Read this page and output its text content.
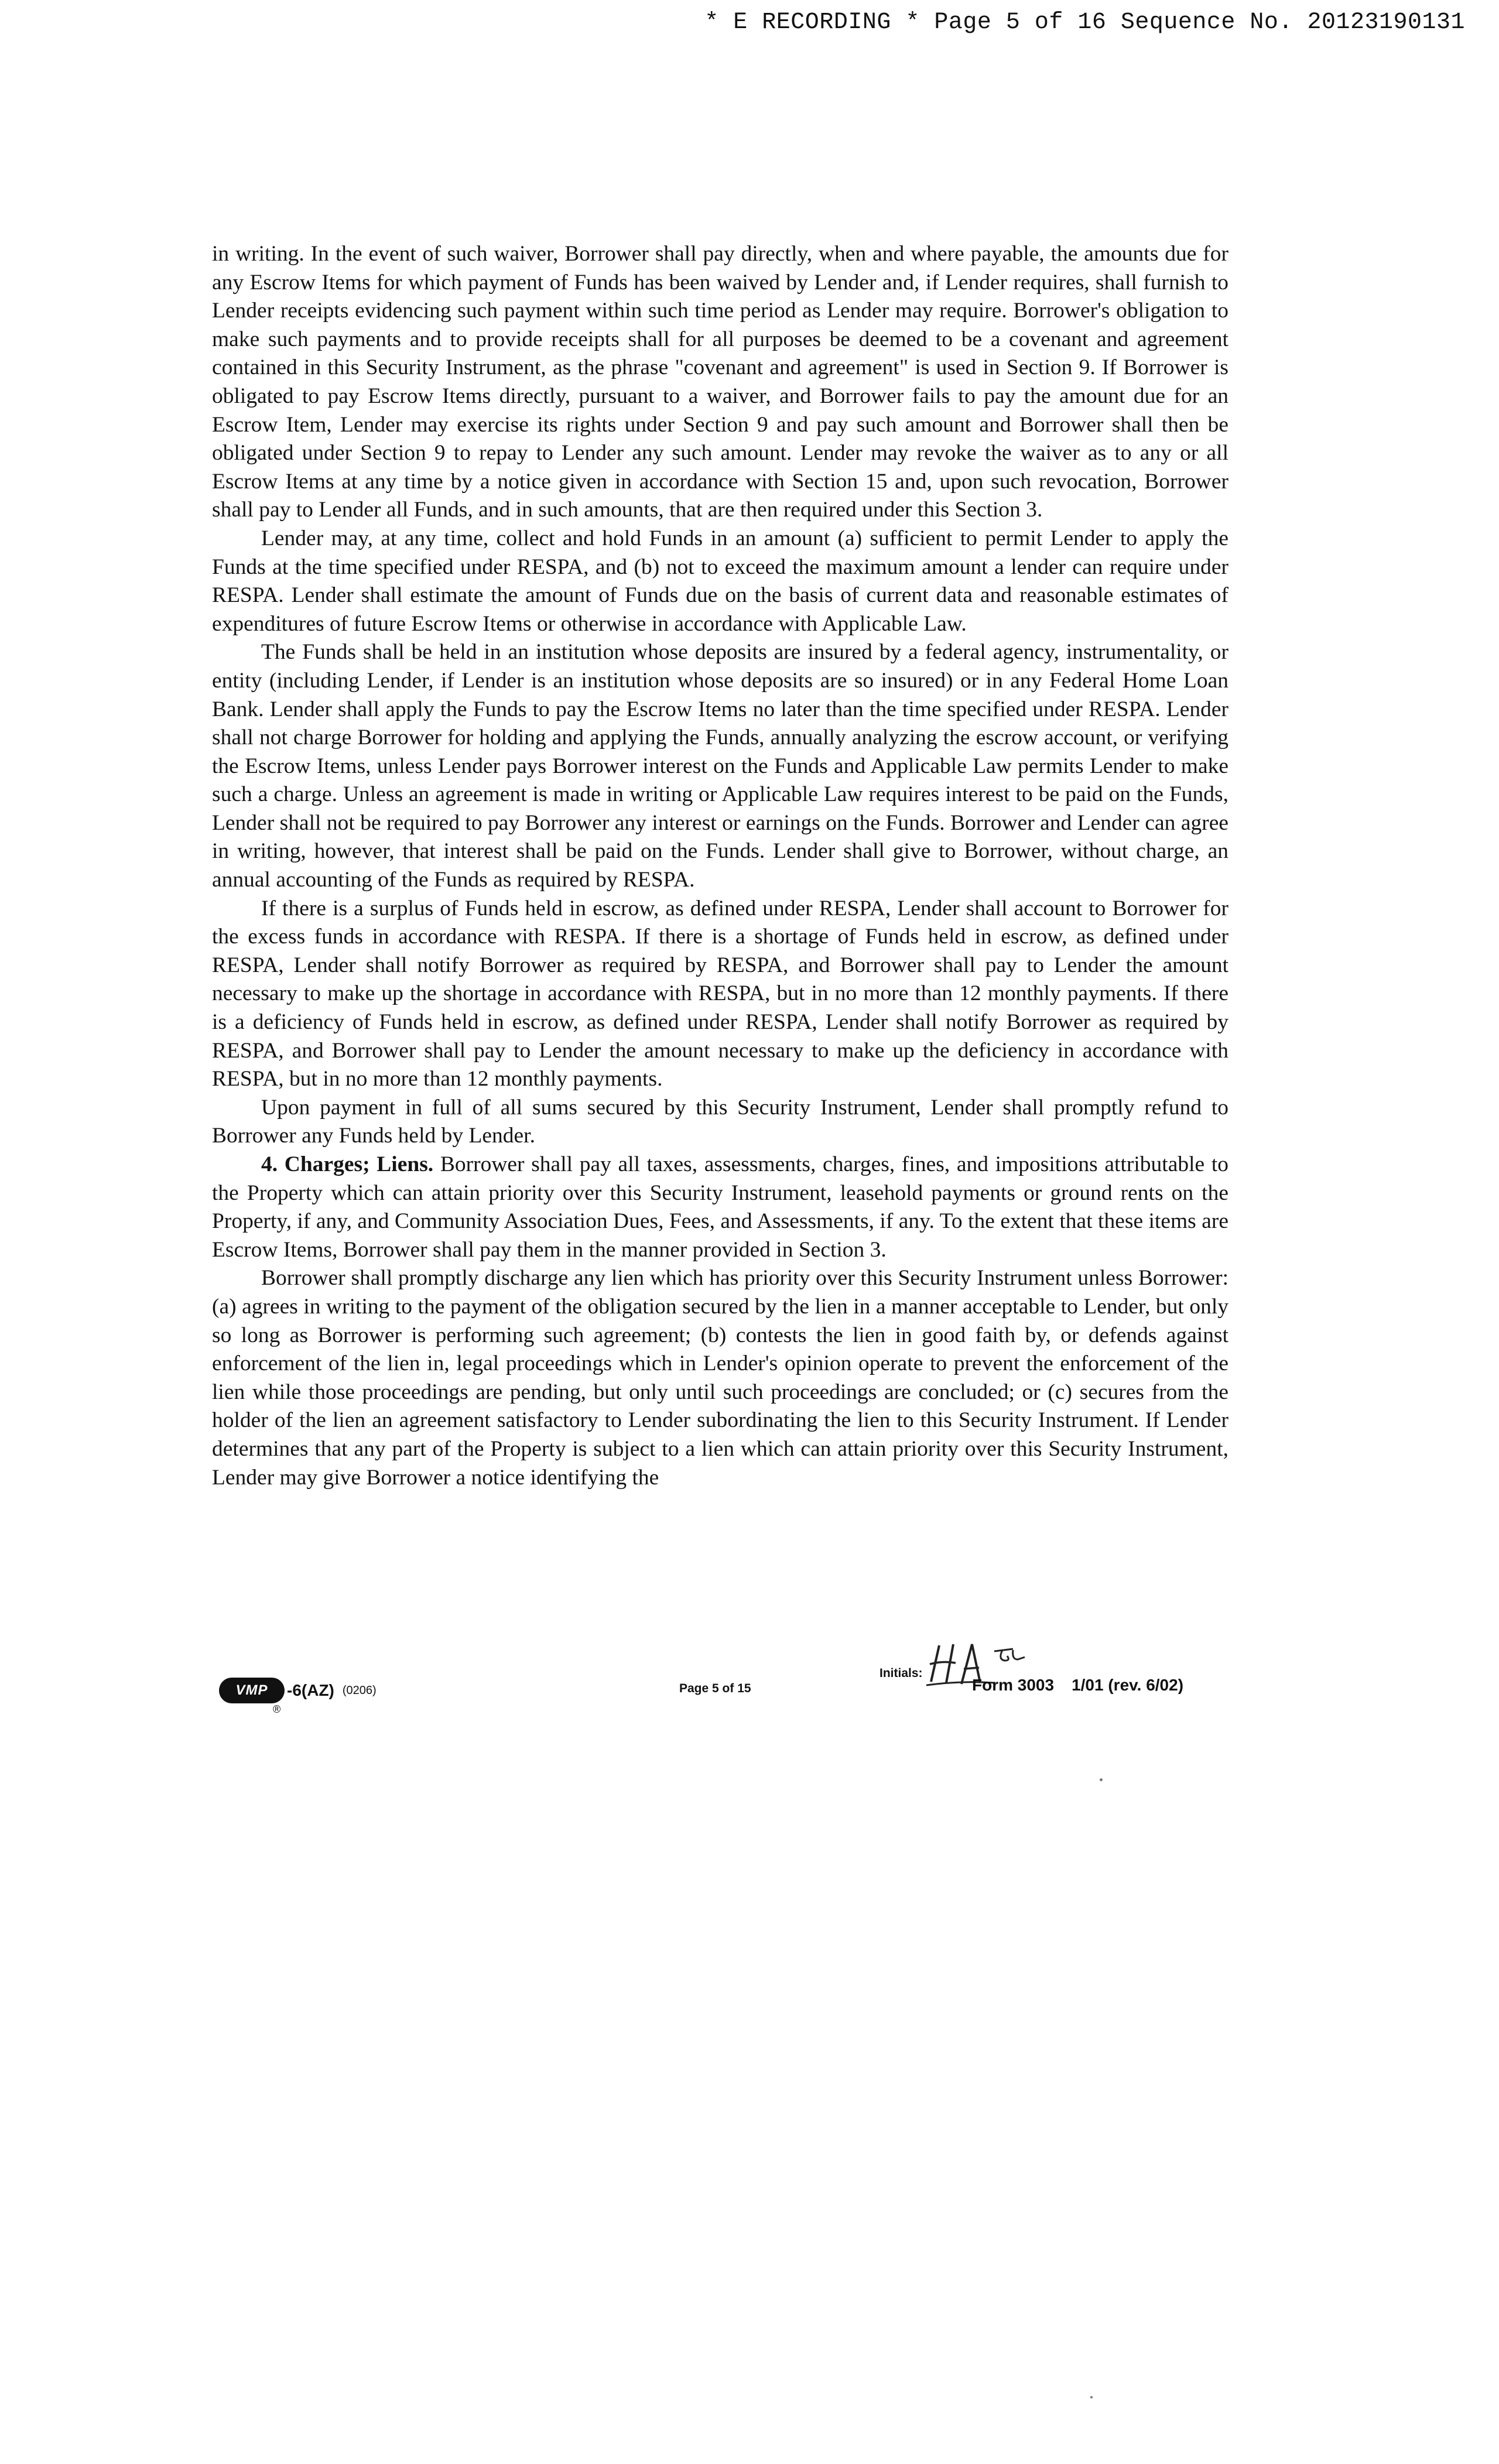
* E RECORDING * Page 5 of 16 Sequence No. 20123190131

in writing. In the event of such waiver, Borrower shall pay directly, when and where payable, the amounts due for any Escrow Items for which payment of Funds has been waived by Lender and, if Lender requires, shall furnish to Lender receipts evidencing such payment within such time period as Lender may require. Borrower's obligation to make such payments and to provide receipts shall for all purposes be deemed to be a covenant and agreement contained in this Security Instrument, as the phrase "covenant and agreement" is used in Section 9. If Borrower is obligated to pay Escrow Items directly, pursuant to a waiver, and Borrower fails to pay the amount due for an Escrow Item, Lender may exercise its rights under Section 9 and pay such amount and Borrower shall then be obligated under Section 9 to repay to Lender any such amount. Lender may revoke the waiver as to any or all Escrow Items at any time by a notice given in accordance with Section 15 and, upon such revocation, Borrower shall pay to Lender all Funds, and in such amounts, that are then required under this Section 3.

Lender may, at any time, collect and hold Funds in an amount (a) sufficient to permit Lender to apply the Funds at the time specified under RESPA, and (b) not to exceed the maximum amount a lender can require under RESPA. Lender shall estimate the amount of Funds due on the basis of current data and reasonable estimates of expenditures of future Escrow Items or otherwise in accordance with Applicable Law.

The Funds shall be held in an institution whose deposits are insured by a federal agency, instrumentality, or entity (including Lender, if Lender is an institution whose deposits are so insured) or in any Federal Home Loan Bank. Lender shall apply the Funds to pay the Escrow Items no later than the time specified under RESPA. Lender shall not charge Borrower for holding and applying the Funds, annually analyzing the escrow account, or verifying the Escrow Items, unless Lender pays Borrower interest on the Funds and Applicable Law permits Lender to make such a charge. Unless an agreement is made in writing or Applicable Law requires interest to be paid on the Funds, Lender shall not be required to pay Borrower any interest or earnings on the Funds. Borrower and Lender can agree in writing, however, that interest shall be paid on the Funds. Lender shall give to Borrower, without charge, an annual accounting of the Funds as required by RESPA.

If there is a surplus of Funds held in escrow, as defined under RESPA, Lender shall account to Borrower for the excess funds in accordance with RESPA. If there is a shortage of Funds held in escrow, as defined under RESPA, Lender shall notify Borrower as required by RESPA, and Borrower shall pay to Lender the amount necessary to make up the shortage in accordance with RESPA, but in no more than 12 monthly payments. If there is a deficiency of Funds held in escrow, as defined under RESPA, Lender shall notify Borrower as required by RESPA, and Borrower shall pay to Lender the amount necessary to make up the deficiency in accordance with RESPA, but in no more than 12 monthly payments.

Upon payment in full of all sums secured by this Security Instrument, Lender shall promptly refund to Borrower any Funds held by Lender.

4. Charges; Liens. Borrower shall pay all taxes, assessments, charges, fines, and impositions attributable to the Property which can attain priority over this Security Instrument, leasehold payments or ground rents on the Property, if any, and Community Association Dues, Fees, and Assessments, if any. To the extent that these items are Escrow Items, Borrower shall pay them in the manner provided in Section 3.

Borrower shall promptly discharge any lien which has priority over this Security Instrument unless Borrower: (a) agrees in writing to the payment of the obligation secured by the lien in a manner acceptable to Lender, but only so long as Borrower is performing such agreement; (b) contests the lien in good faith by, or defends against enforcement of the lien in, legal proceedings which in Lender's opinion operate to prevent the enforcement of the lien while those proceedings are pending, but only until such proceedings are concluded; or (c) secures from the holder of the lien an agreement satisfactory to Lender subordinating the lien to this Security Instrument. If Lender determines that any part of the Property is subject to a lien which can attain priority over this Security Instrument, Lender may give Borrower a notice identifying the

VMP	-6(AZ) (0206)
®
Page 5 of 15
Initials:
Form 3003 1/01 (rev. 6/02)
